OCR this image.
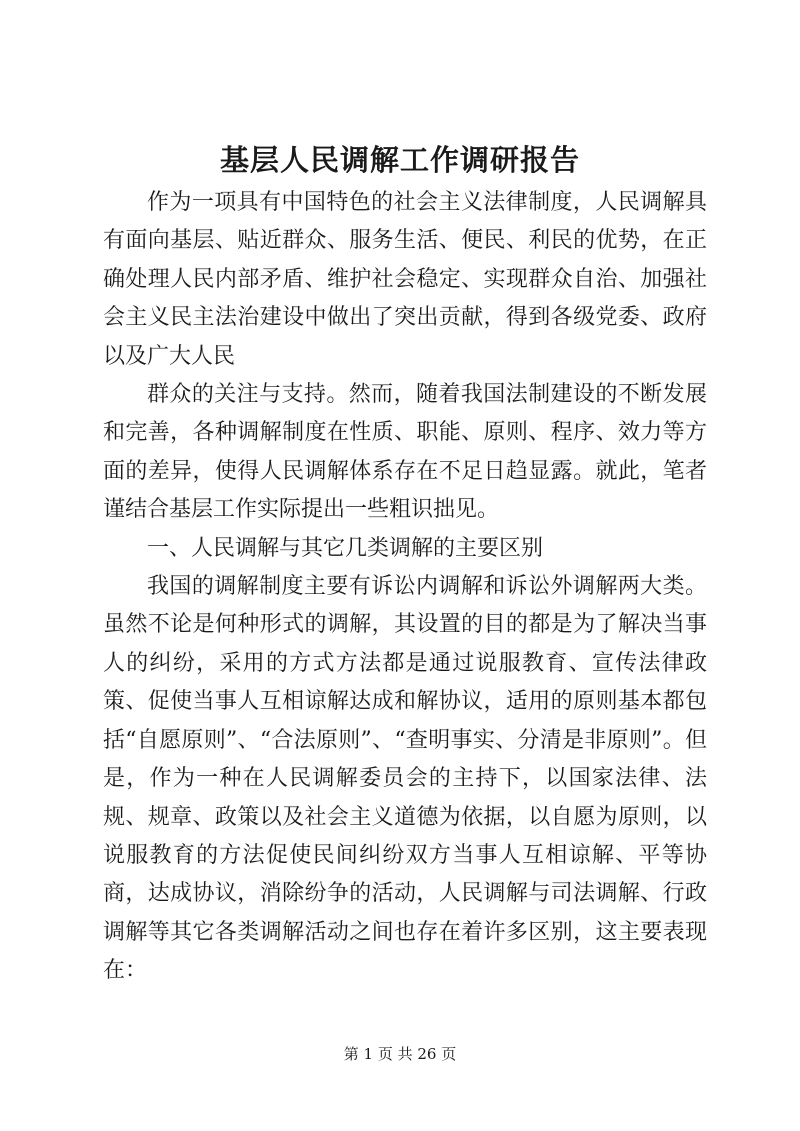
基层人民调解工作调研报告

作为一项具有中国特色的社会主义法律制度，人民调解具有面向基层、贴近群众、服务生活、便民、利民的优势，在正确处理人民内部矛盾、维护社会稳定、实现群众自治、加强社会主义民主法治建设中做出了突出贡献，得到各级党委、政府以及广大人民

群众的关注与支持。然而，随着我国法制建设的不断发展和完善，各种调解制度在性质、职能、原则、程序、效力等方面的差异，使得人民调解体系存在不足日趋显露。就此，笔者谨结合基层工作实际提出一些粗识拙见。

一、人民调解与其它几类调解的主要区别

我国的调解制度主要有诉讼内调解和诉讼外调解两大类。虽然不论是何种形式的调解，其设置的目的都是为了解决当事人的纠纷，采用的方式方法都是通过说服教育、宣传法律政策、促使当事人互相谅解达成和解协议，适用的原则基本都包括“自愿原则”、“合法原则”、“查明事实、分清是非原则”。但是，作为一种在人民调解委员会的主持下，以国家法律、法规、规章、政策以及社会主义道德为依据，以自愿为原则，以说服教育的方法促使民间纠纷双方当事人互相谅解、平等协商，达成协议，消除纷争的活动，人民调解与司法调解、行政调解等其它各类调解活动之间也存在着许多区别，这主要表现在：

第 1 页 共 26 页
